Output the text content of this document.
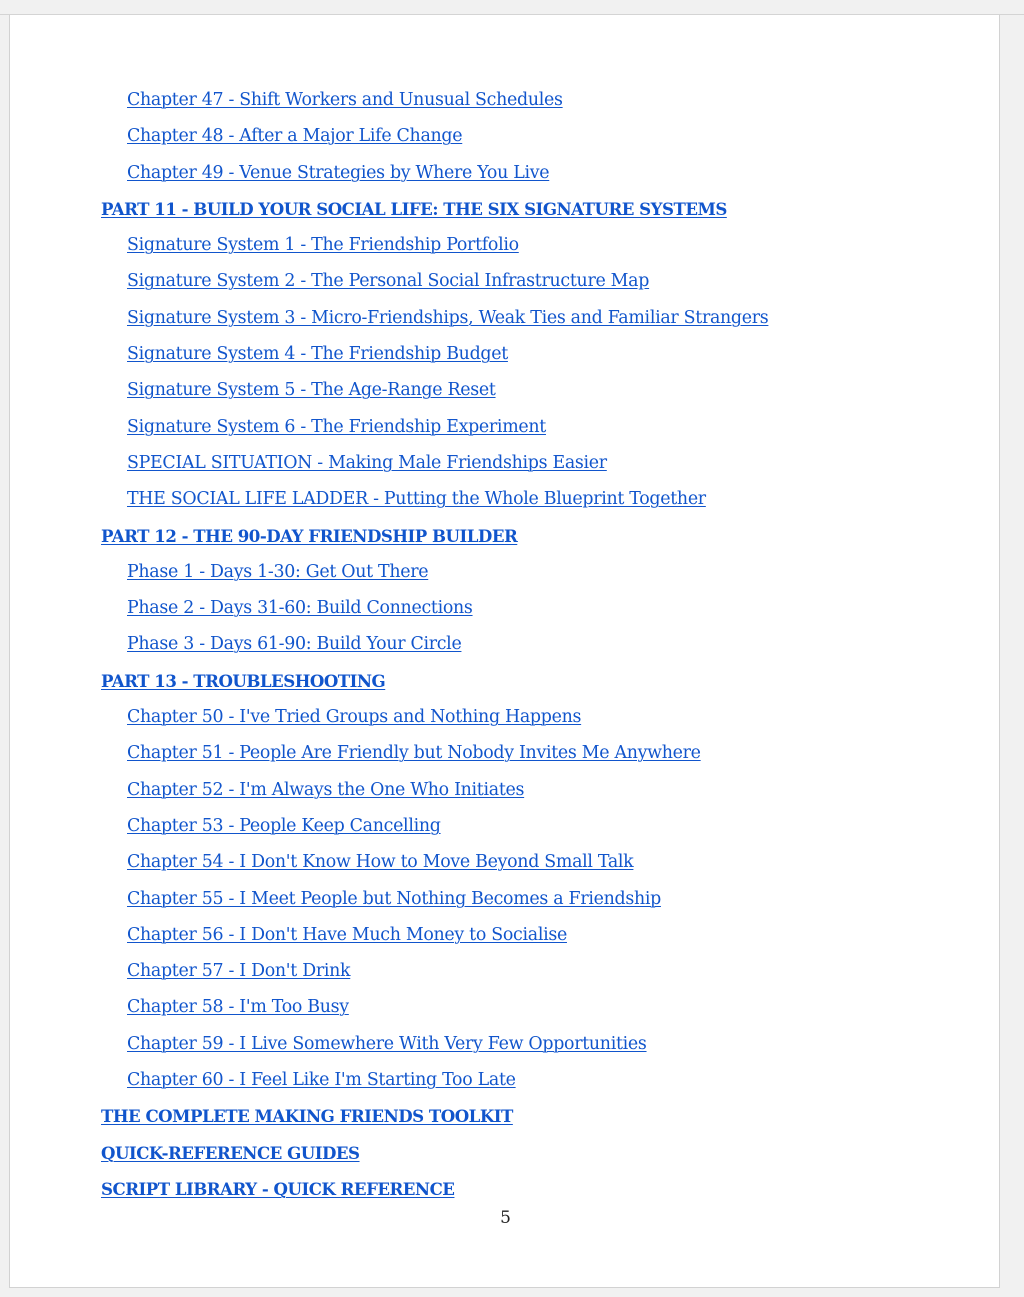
Chapter 47 - Shift Workers and Unusual Schedules
Chapter 48 - After a Major Life Change
Chapter 49 - Venue Strategies by Where You Live
PART 11 - BUILD YOUR SOCIAL LIFE: THE SIX SIGNATURE SYSTEMS
Signature System 1 - The Friendship Portfolio
Signature System 2 - The Personal Social Infrastructure Map
Signature System 3 - Micro-Friendships, Weak Ties and Familiar Strangers
Signature System 4 - The Friendship Budget
Signature System 5 - The Age-Range Reset
Signature System 6 - The Friendship Experiment
SPECIAL SITUATION - Making Male Friendships Easier
THE SOCIAL LIFE LADDER - Putting the Whole Blueprint Together
PART 12 - THE 90-DAY FRIENDSHIP BUILDER
Phase 1 - Days 1-30: Get Out There
Phase 2 - Days 31-60: Build Connections
Phase 3 - Days 61-90: Build Your Circle
PART 13 - TROUBLESHOOTING
Chapter 50 - I've Tried Groups and Nothing Happens
Chapter 51 - People Are Friendly but Nobody Invites Me Anywhere
Chapter 52 - I'm Always the One Who Initiates
Chapter 53 - People Keep Cancelling
Chapter 54 - I Don't Know How to Move Beyond Small Talk
Chapter 55 - I Meet People but Nothing Becomes a Friendship
Chapter 56 - I Don't Have Much Money to Socialise
Chapter 57 - I Don't Drink
Chapter 58 - I'm Too Busy
Chapter 59 - I Live Somewhere With Very Few Opportunities
Chapter 60 - I Feel Like I'm Starting Too Late
THE COMPLETE MAKING FRIENDS TOOLKIT
QUICK-REFERENCE GUIDES
SCRIPT LIBRARY - QUICK REFERENCE
5
